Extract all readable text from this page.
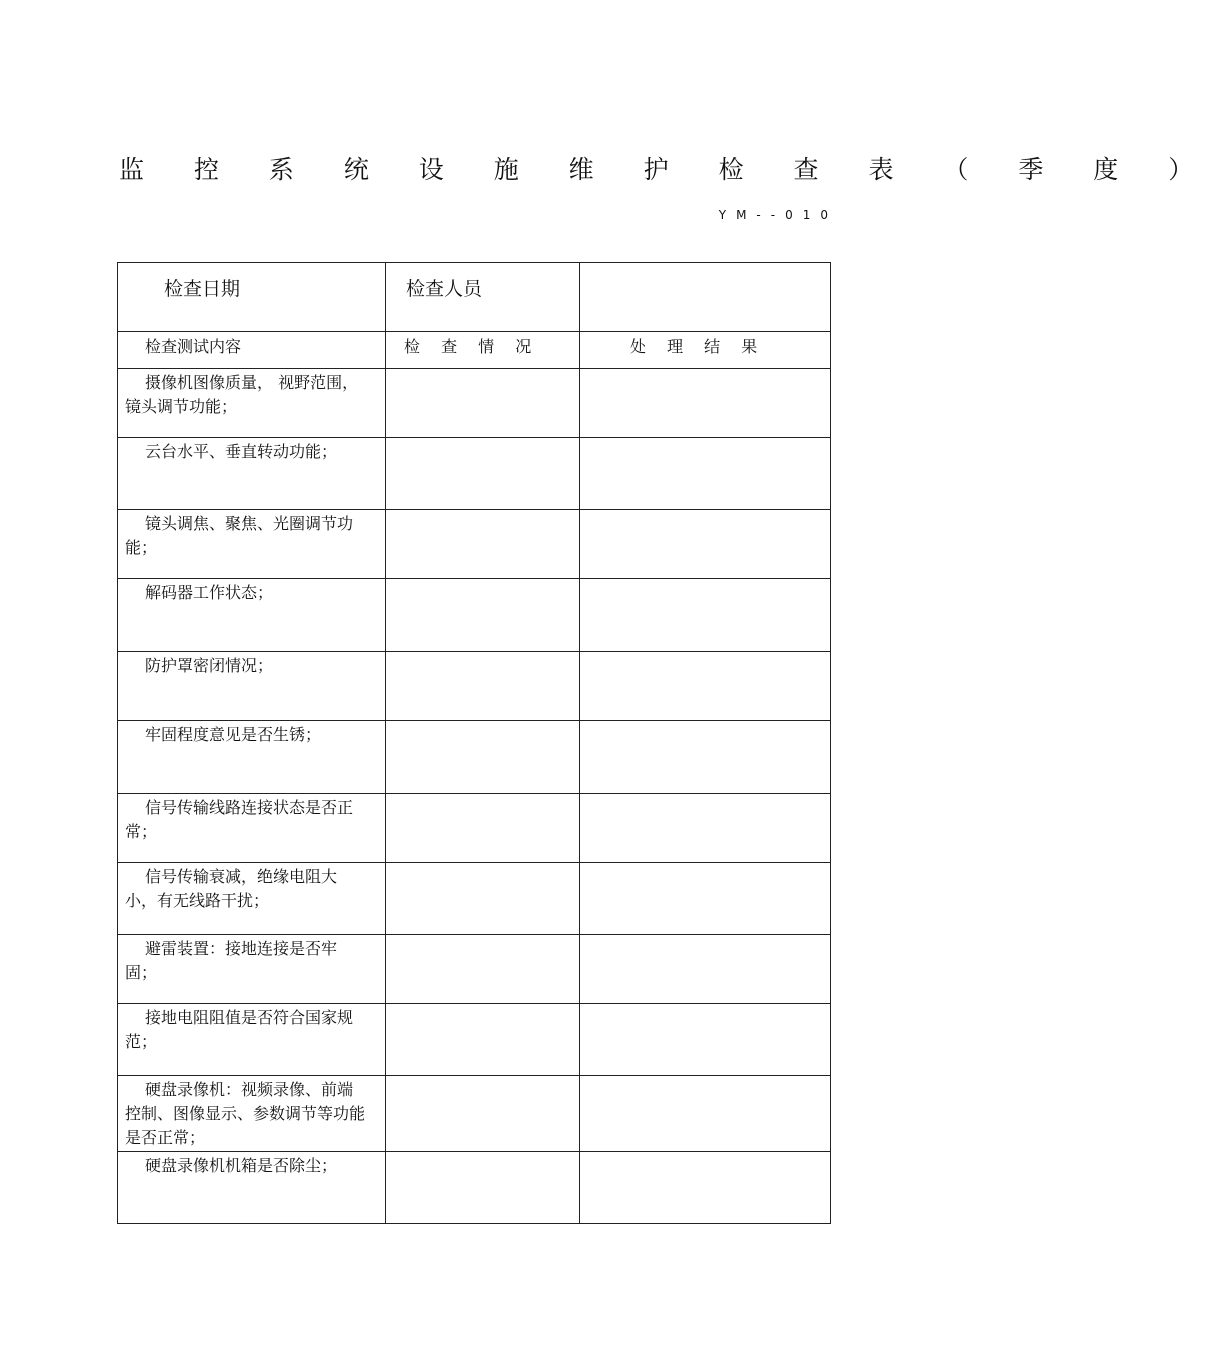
监 控 系 统 设 施 维 护 检 查 表 （ 季 度 ）
YM--010
检查日期	检查人员	

检查测试内容	检 查 情 况	处 理 结 果
摄像机图像质量， 视野范围，镜头调节功能；		
云台水平、垂直转动功能；		
镜头调焦、聚焦、光圈调节功能；		
解码器工作状态；		
防护罩密闭情况；		
牢固程度意见是否生锈；		
信号传输线路连接状态是否正常；		
信号传输衰减，绝缘电阻大小，有无线路干扰；		
避雷装置：接地连接是否牢固；		
接地电阻阻值是否符合国家规范；		
硬盘录像机：视频录像、前端控制、图像显示、参数调节等功能是否正常；		
硬盘录像机机箱是否除尘；		
